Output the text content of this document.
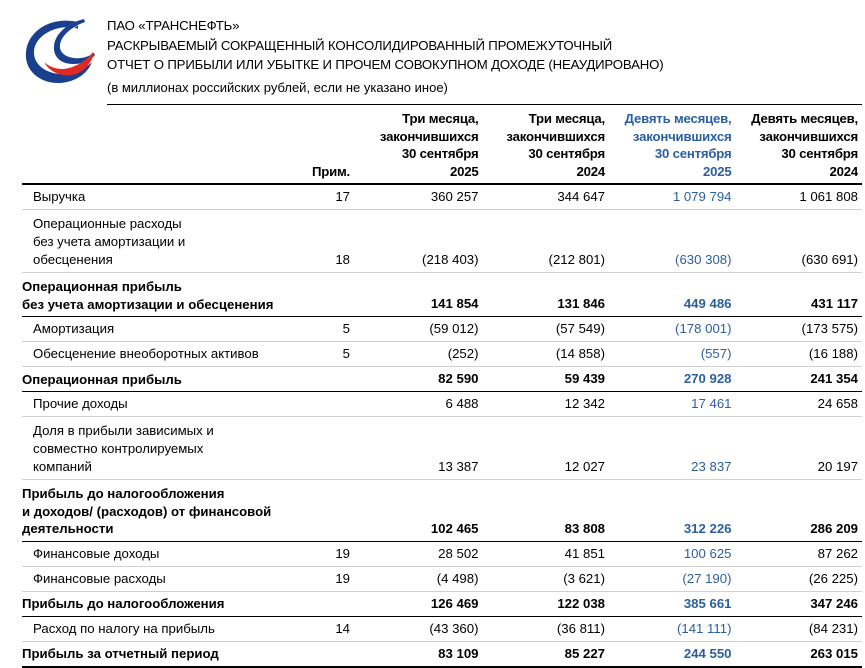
ПАО «ТРАНСНЕФТЬ»
РАСКРЫВАЕМЫЙ СОКРАЩЕННЫЙ КОНСОЛИДИРОВАННЫЙ ПРОМЕЖУТОЧНЫЙ
ОТЧЕТ О ПРИБЫЛИ ИЛИ УБЫТКЕ И ПРОЧЕМ СОВОКУПНОМ ДОХОДЕ (НЕАУДИРОВАНО)
(в миллионах российских рублей, если не указано иное)

	Прим.	Три месяца,
закончившихся
30 сентября
2025	Три месяца,
закончившихся
30 сентября
2024	Девять месяцев,
закончившихся
30 сентября
2025	Девять месяцев,
закончившихся
30 сентября
2024

Выручка	17	360 257	344 647	1 079 794	1 061 808

Операционные расходы
без учета амортизации и
обесценения	18	(218 403)	(212 801)	(630 308)	(630 691)

Операционная прибыль
без учета амортизации и обесценения		141 854	131 846	449 486	431 117

Амортизация	5	(59 012)	(57 549)	(178 001)	(173 575)

Обесценение внеоборотных активов	5	(252)	(14 858)	(557)	(16 188)

Операционная прибыль		82 590	59 439	270 928	241 354

Прочие доходы		6 488	12 342	17 461	24 658

Доля в прибыли зависимых и
совместно контролируемых
компаний		13 387	12 027	23 837	20 197

Прибыль до налогообложения
и доходов/ (расходов) от финансовой
деятельности		102 465	83 808	312 226	286 209

Финансовые доходы	19	28 502	41 851	100 625	87 262

Финансовые расходы	19	(4 498)	(3 621)	(27 190)	(26 225)

Прибыль до налогообложения		126 469	122 038	385 661	347 246

Расход по налогу на прибыль	14	(43 360)	(36 811)	(141 111)	(84 231)

Прибыль за отчетный период		83 109	85 227	244 550	263 015
